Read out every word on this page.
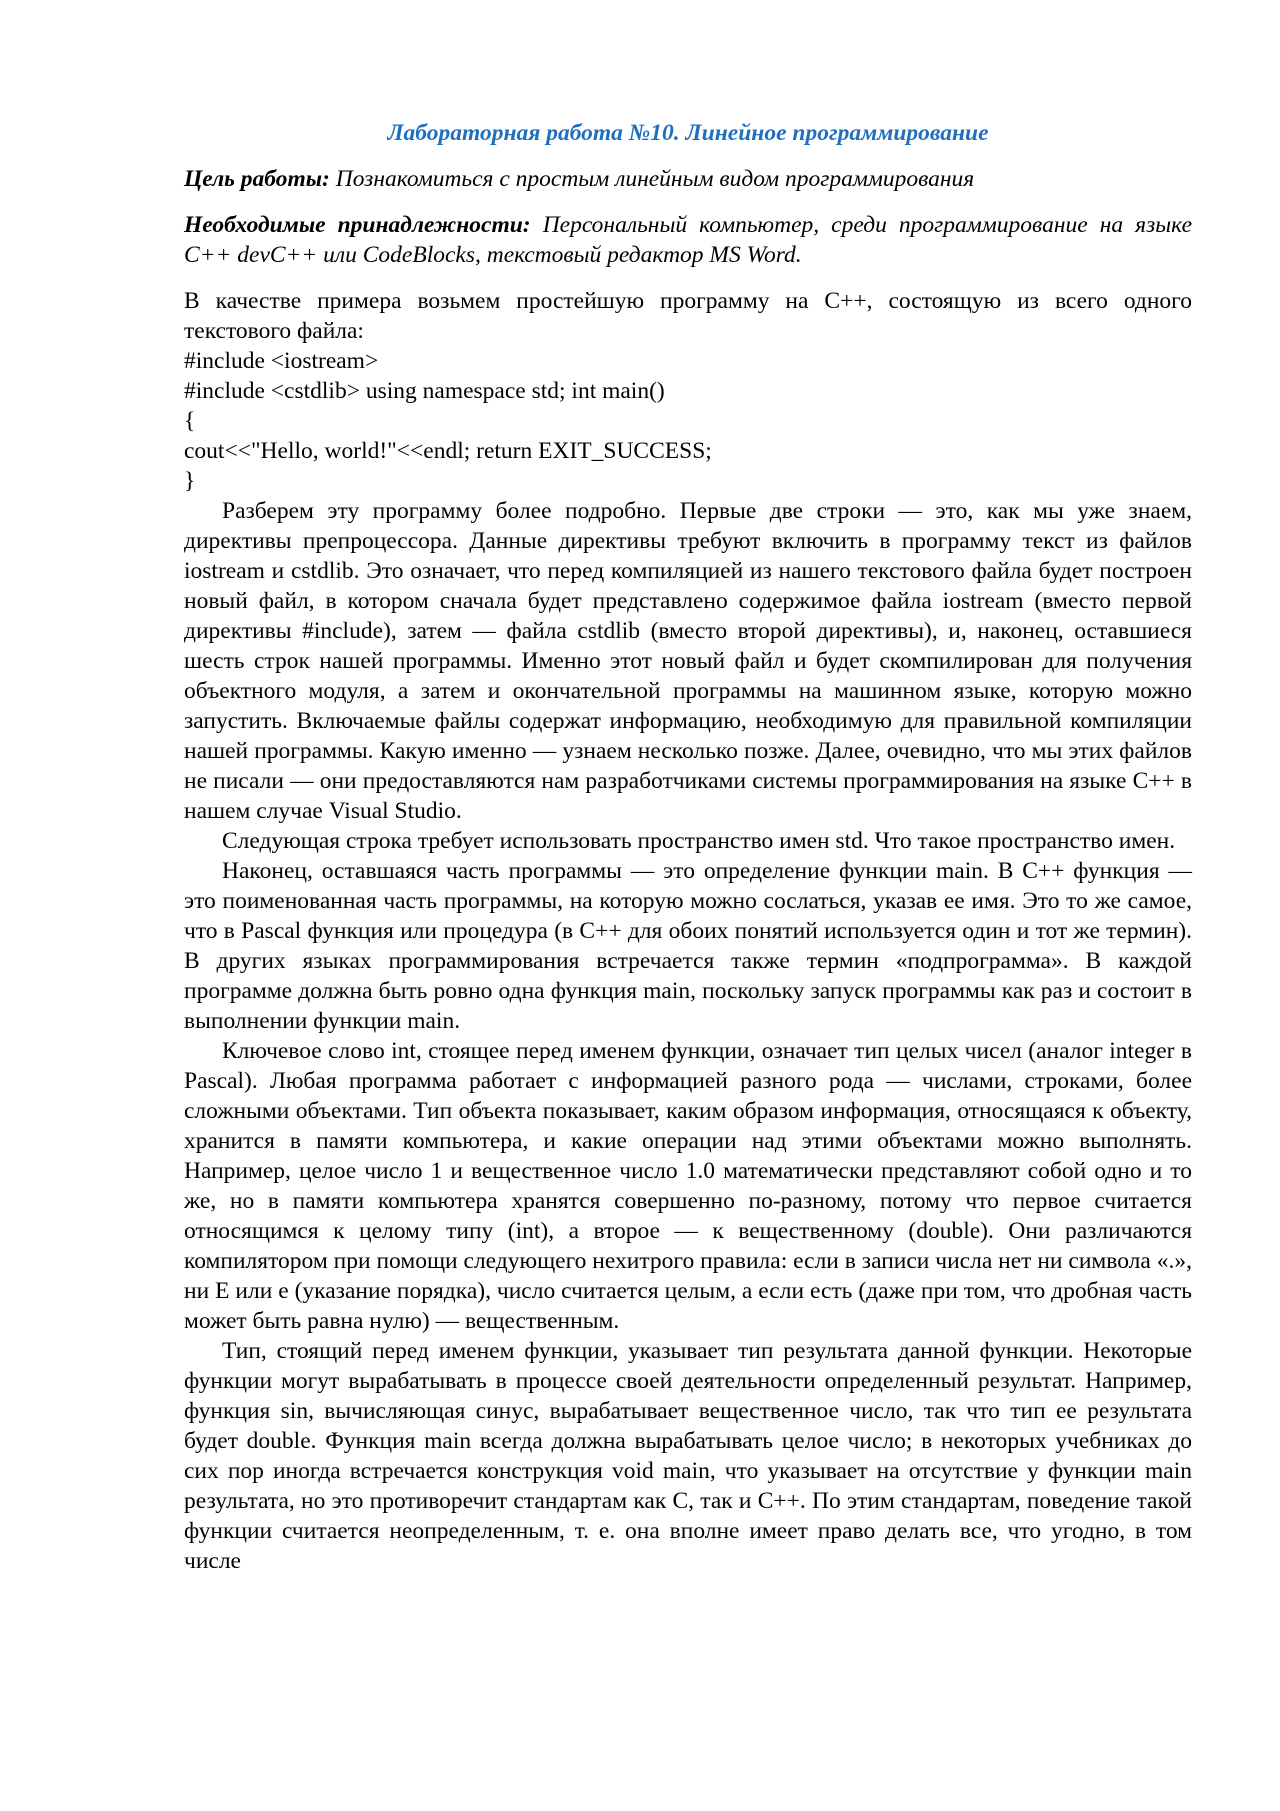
Лабораторная работа №10. Линейное программирование

Цель работы: Познакомиться с простым линейным видом программирования

Необходимые принадлежности: Персональный компьютер, среди программирование на языке С++ devC++ или CodeBlocks, текстовый редактор MS Word.

В качестве примера возьмем простейшую программу на C++, состоящую из всего одного текстового файла:

#include <iostream>
#include <cstdlib> using namespace std; int main()
{
cout<<"Hello, world!"<<endl; return EXIT_SUCCESS;
}

Разберем эту программу более подробно. Первые две строки — это, как мы уже знаем, директивы препроцессора. Данные директивы требуют включить в программу текст из файлов iostream и cstdlib. Это означает, что перед компиляцией из нашего текстового файла будет построен новый файл, в котором сначала будет представлено содержимое файла iostream (вместо первой директивы #include), затем — файла cstdlib (вместо второй директивы), и, наконец, оставшиеся шесть строк нашей программы. Именно этот новый файл и будет скомпилирован для получения объектного модуля, а затем и окончательной программы на машинном языке, которую можно запустить. Включаемые файлы содержат информацию, необходимую для правильной компиляции нашей программы. Какую именно — узнаем несколько позже. Далее, очевидно, что мы этих файлов не писали — они предоставляются нам разработчиками системы программирования на языке C++ в нашем случае Visual Studio.

Следующая строка требует использовать пространство имен std. Что такое пространство имен.

Наконец, оставшаяся часть программы — это определение функции main. В C++ функция — это поименованная часть программы, на которую можно сослаться, указав ее имя. Это то же самое, что в Pascal функция или процедура (в C++ для обоих понятий используется один и тот же термин). В других языках программирования встречается также термин «подпрограмма». В каждой программе должна быть ровно одна функция main, поскольку запуск программы как раз и состоит в выполнении функции main.

Ключевое слово int, стоящее перед именем функции, означает тип целых чисел (аналог integer в Pascal). Любая программа работает с информацией разного рода — числами, строками, более сложными объектами. Тип объекта показывает, каким образом информация, относящаяся к объекту, хранится в памяти компьютера, и какие операции над этими объектами можно выполнять. Например, целое число 1 и вещественное число 1.0 математически представляют собой одно и то же, но в памяти компьютера хранятся совершенно по-разному, потому что первое считается относящимся к целому типу (int), а второе — к вещественному (double). Они различаются компилятором при помощи следующего нехитрого правила: если в записи числа нет ни символа «.», ни E или e (указание порядка), число считается целым, а если есть (даже при том, что дробная часть может быть равна нулю) — вещественным.

Тип, стоящий перед именем функции, указывает тип результата данной функции. Некоторые функции могут вырабатывать в процессе своей деятельности определенный результат. Например, функция sin, вычисляющая синус, вырабатывает вещественное число, так что тип ее результата будет double. Функция main всегда должна вырабатывать целое число; в некоторых учебниках до сих пор иногда встречается конструкция void main, что указывает на отсутствие у функции main результата, но это противоречит стандартам как C, так и C++. По этим стандартам, поведение такой функции считается неопределенным, т. е. она вполне имеет право делать все, что угодно, в том числе
